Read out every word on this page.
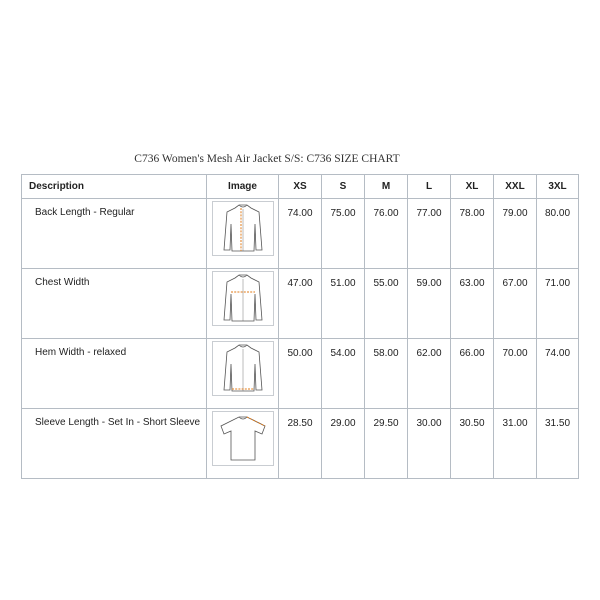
C736 Women's Mesh Air Jacket S/S: C736 SIZE CHART
Description	Image	XS	S	M	L	XL	XXL	3XL
Back Length - Regular		74.00	75.00	76.00	77.00	78.00	79.00	80.00
Chest Width		47.00	51.00	55.00	59.00	63.00	67.00	71.00
Hem Width - relaxed		50.00	54.00	58.00	62.00	66.00	70.00	74.00
Sleeve Length - Set In - Short Sleeve		28.50	29.00	29.50	30.00	30.50	31.00	31.50
